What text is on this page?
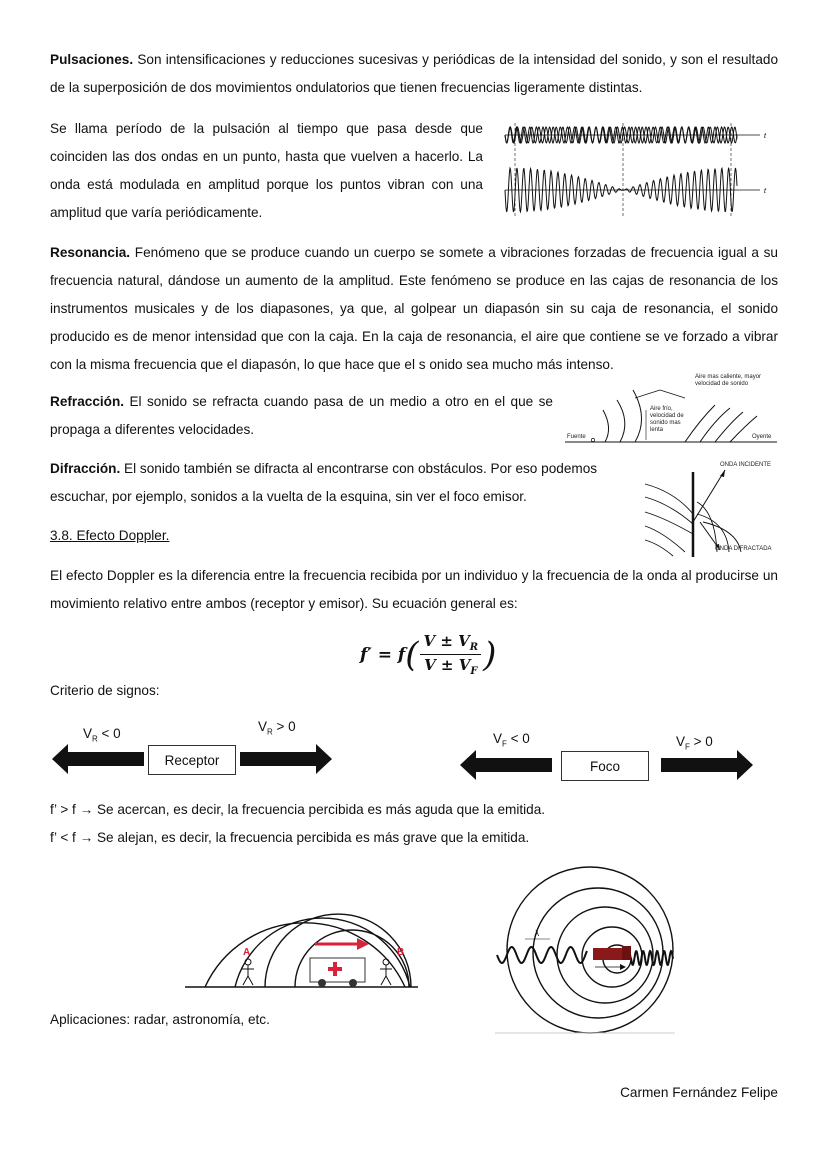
Pulsaciones. Son intensificaciones y reducciones sucesivas y periódicas de la intensidad del sonido, y son el resultado de la superposición de dos movimientos ondulatorios que tienen frecuencias ligeramente distintas.

Se llama período de la pulsación al tiempo que pasa desde que coinciden las dos ondas en un punto, hasta que vuelven a hacerlo. La onda está modulada en amplitud porque los puntos vibran con una amplitud que varía periódicamente.

t
t

Resonancia. Fenómeno que se produce cuando un cuerpo se somete a vibraciones forzadas de frecuencia igual a su frecuencia natural, dándose un aumento de la amplitud. Este fenómeno se produce en las cajas de resonancia de los instrumentos musicales y de los diapasones, ya que, al golpear un diapasón sin su caja de resonancia, el sonido producido es de menor intensidad que con la caja. En la caja de resonancia, el aire que contiene se ve forzado a vibrar con la misma frecuencia que el diapasón, lo que hace que el s onido sea mucho más intenso.

Refracción. El sonido se refracta cuando pasa de un medio a otro en el que se propaga a diferentes velocidades.

Aire mas caliente, mayor velocidad de sonido
Aire frío, velocidad de sonido mas lenta
Fuente	Oyente

Difracción. El sonido también se difracta al encontrarse con obstáculos. Por eso podemos escuchar, por ejemplo, sonidos a la vuelta de la esquina, sin ver el foco emisor.

ONDA INCIDENTE
ONDA DIFRACTADA

3.8. Efecto Doppler.

El efecto Doppler es la diferencia entre la frecuencia recibida por un individuo y la frecuencia de la onda al producirse un movimiento relativo entre ambos (receptor y emisor). Su ecuación general es:

f′ = f ( $\frac{V \pm V_R}{V \pm V_F}$ )

Criterio de signos:

$V_R < 0$	$V_R > 0$
Receptor
$V_F < 0$	$V_F > 0$
Foco

f’ > f → Se acercan, es decir, la frecuencia percibida es más aguda que la emitida.

f’ < f → Se alejan, es decir, la frecuencia percibida es más grave que la emitida.

A	B
λ

Aplicaciones: radar, astronomía, etc.

Carmen Fernández Felipe
